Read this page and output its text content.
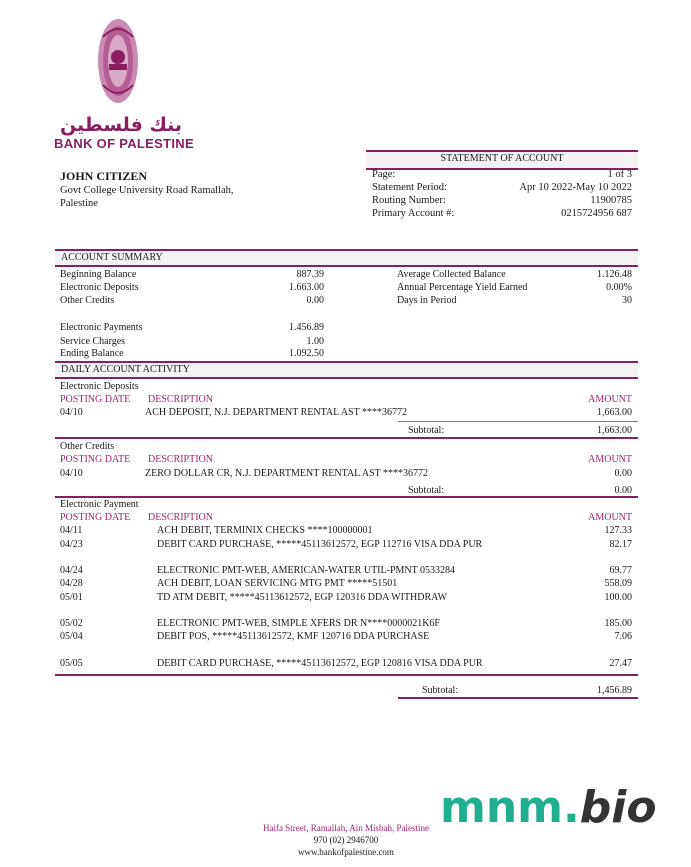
بنك فلسطين
BANK OF PALESTINE
JOHN CITIZEN
Govt College University Road Ramallah,
Palestine
STATEMENT OF ACCOUNT
Page:	1 of 3
Statement Period:	Apr 10 2022-May 10 2022
Routing Number:	11900785
Primary Account #:	0215724956 687
ACCOUNT SUMMARY
Beginning Balance	887.39	Average Collected Balance	1.126.48
Electronic Deposits	1.663.00	Annual Percentage Yield Earned	0.00%
Other Credits	0.00	Days in Period	30
Electronic Payments	1.456.89
Service Charges	1.00
Ending Balance	1.092.50
DAILY ACCOUNT ACTIVITY
Electronic Deposits
POSTING DATE DESCRIPTION	AMOUNT
04/10	ACH DEPOSIT, N.J. DEPARTMENT RENTAL AST ****36772	1,663.00
Subtotal:	1,663.00
Other Credits
POSTING DATE DESCRIPTION	AMOUNT
04/10	ZERO DOLLAR CR, N.J. DEPARTMENT RENTAL AST ****36772	0.00
Subtotal:	0.00
Electronic Payment
POSTING DATE DESCRIPTION	AMOUNT
04/11	ACH DEBIT, TERMINIX CHECKS ****100000001	127.33
04/23	DEBIT CARD PURCHASE, *****45113612572, EGP 112716 VISA DDA PUR	82.17
04/24	ELECTRONIC PMT-WEB, AMERICAN-WATER UTIL-PMNT 0533284	69.77
04/28	ACH DEBIT, LOAN SERVICING MTG PMT *****51501	558.09
05/01	TD ATM DEBIT, *****45113612572, EGP 120316 DDA WITHDRAW	100.00
05/02	ELECTRONIC PMT-WEB, SIMPLE XFERS DR N****0000021K6F	185.00
05/04	DEBIT POS, *****45113612572, KMF 120716 DDA PURCHASE	7.06
05/05	DEBIT CARD PURCHASE, *****45113612572, EGP 120816 VISA DDA PUR	27.47
Subtotal:	1,456.89
mnm.bio
Haifa Street, Ramallah, Ain Misbah, Palestine
970 (02) 2946700
www.bankofpalestine.com
